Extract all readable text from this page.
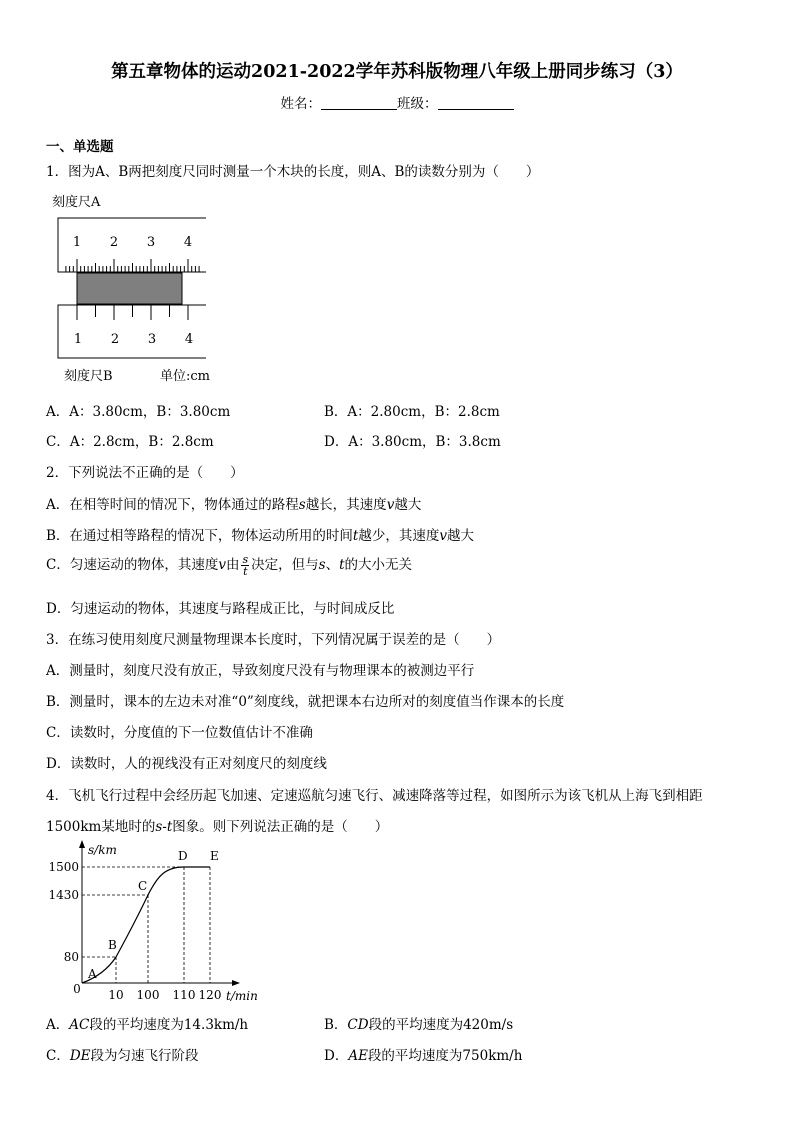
第五章物体的运动2021-2022学年苏科版物理八年级上册同步练习（3）
姓名：	班级：
一、单选题
1．图为A、B两把刻度尺同时测量一个木块的长度，则A、B的读数分别为（　　）
刻度尺A
1 2 3 4
1 2 3 4
刻度尺B	单位:cm
A．A：3.80cm，B：3.80cm	B．A：2.80cm，B：2.8cm
C．A：2.8cm，B：2.8cm	D．A：3.80cm，B：3.8cm
2．下列说法不正确的是（　　）
A．在相等时间的情况下，物体通过的路程s越长，其速度v越大
B．在通过相等路程的情况下，物体运动所用的时间t越少，其速度v越大
C．匀速运动的物体，其速度v由 $\frac{s}{t}$ 决定，但与s、t的大小无关
D．匀速运动的物体，其速度与路程成正比，与时间成反比
3．在练习使用刻度尺测量物理课本长度时，下列情况属于误差的是（　　）
A．测量时，刻度尺没有放正，导致刻度尺没有与物理课本的被测边平行
B．测量时，课本的左边未对准“0”刻度线，就把课本右边所对的刻度值当作课本的长度
C．读数时，分度值的下一位数值估计不准确
D．读数时，人的视线没有正对刻度尺的刻度线
4．飞机飞行过程中会经历起飞加速、定速巡航匀速飞行、减速降落等过程，如图所示为该飞机从上海飞到相距
1500km某地时的s-t图象。则下列说法正确的是（　　）
s/km
t/min
0 10 100 110 120
80
1430
1500
A
B
C
D E
A．AC段的平均速度为14.3km/h	B．CD段的平均速度为420m/s
C．DE段为匀速飞行阶段	D．AE段的平均速度为750km/h
